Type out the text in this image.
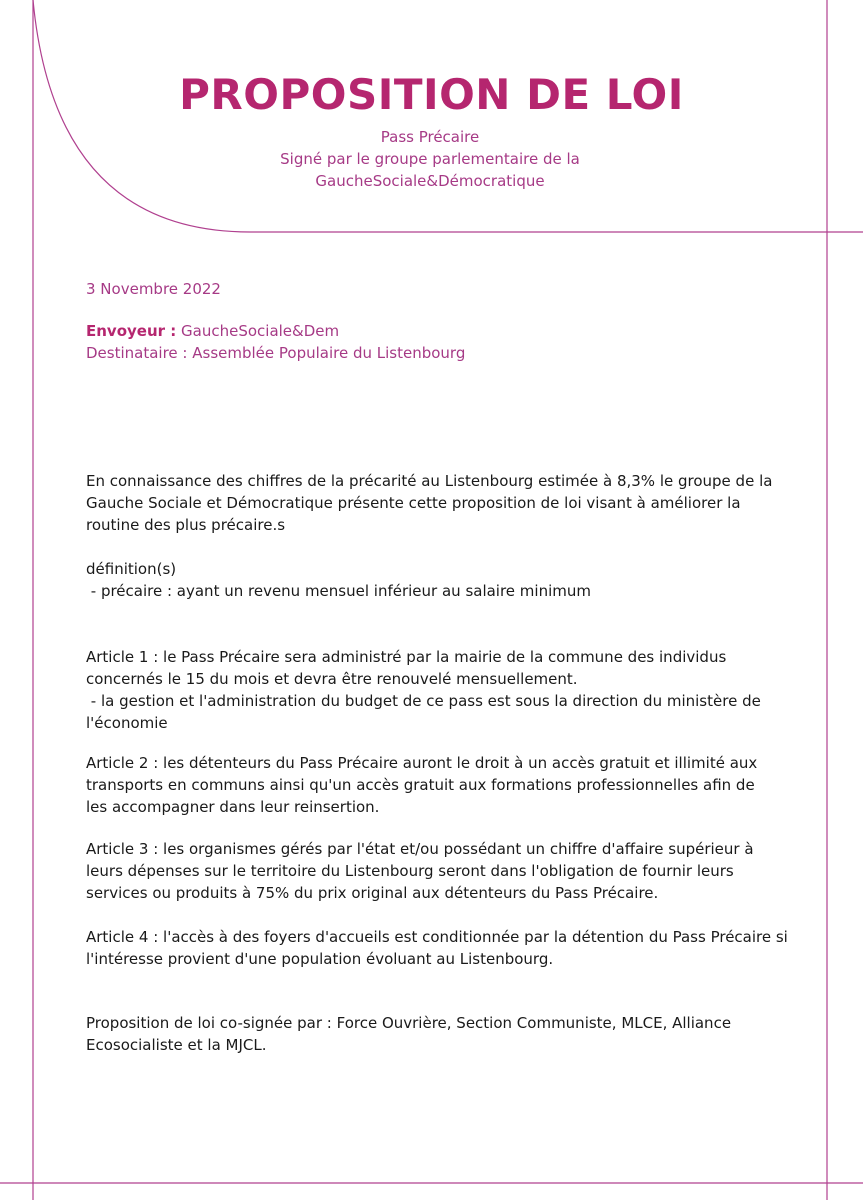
PROPOSITION DE LOI
Pass Précaire
Signé par le groupe parlementaire de la
GaucheSociale&Démocratique
3 Novembre 2022
Envoyeur : GaucheSociale&Dem
Destinataire : Assemblée Populaire du Listenbourg
En connaissance des chiffres de la précarité au Listenbourg estimée à 8,3% le groupe de la
Gauche Sociale et Démocratique présente cette proposition de loi visant à améliorer la
routine des plus précaire.s
définition(s)
- précaire : ayant un revenu mensuel inférieur au salaire minimum
Article 1 : le Pass Précaire sera administré par la mairie de la commune des individus
concernés le 15 du mois et devra être renouvelé mensuellement.
- la gestion et l'administration du budget de ce pass est sous la direction du ministère de
l'économie
Article 2 : les détenteurs du Pass Précaire auront le droit à un accès gratuit et illimité aux
transports en communs ainsi qu'un accès gratuit aux formations professionnelles afin de
les accompagner dans leur reinsertion.
Article 3 : les organismes gérés par l'état et/ou possédant un chiffre d'affaire supérieur à
leurs dépenses sur le territoire du Listenbourg seront dans l'obligation de fournir leurs
services ou produits à 75% du prix original aux détenteurs du Pass Précaire.
Article 4 : l'accès à des foyers d'accueils est conditionnée par la détention du Pass Précaire si
l'intéresse provient d'une population évoluant au Listenbourg.
Proposition de loi co-signée par : Force Ouvrière, Section Communiste, MLCE, Alliance
Ecosocialiste et la MJCL.
